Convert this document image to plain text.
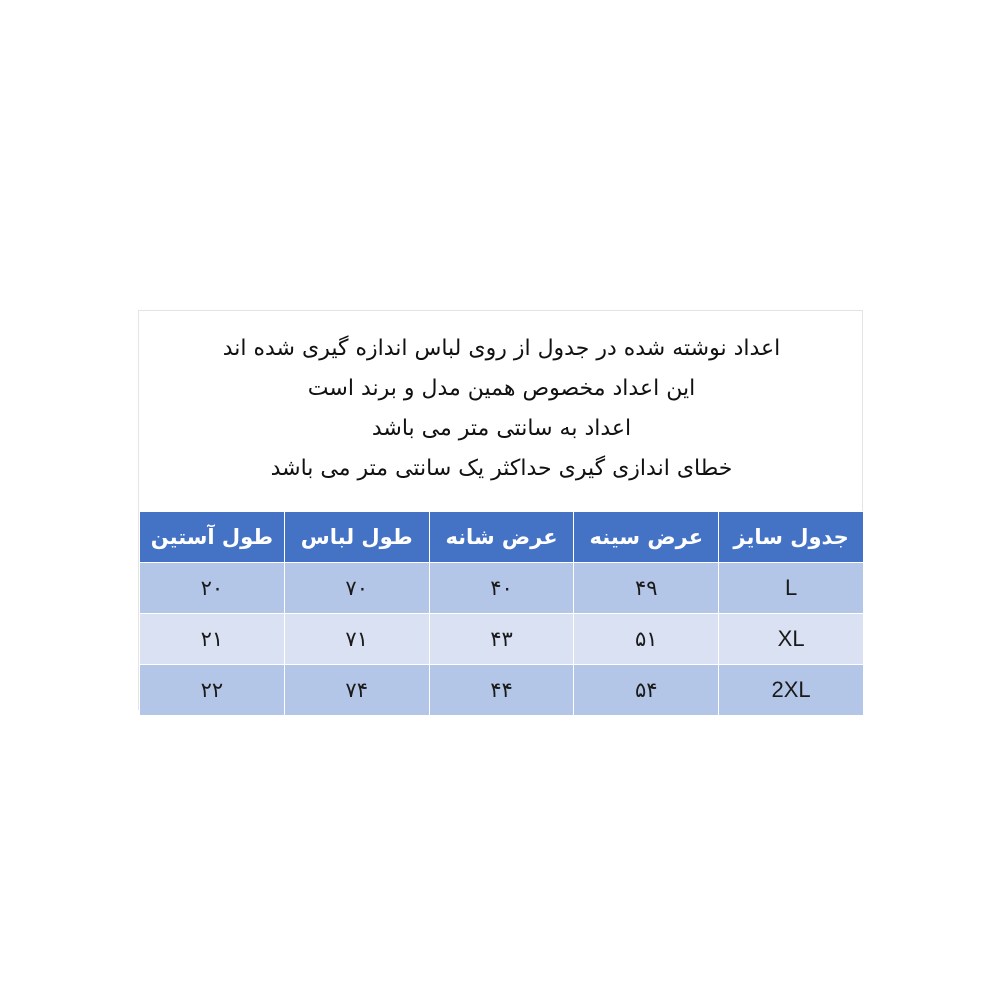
اعداد نوشته شده در جدول از روی لباس اندازه گیری شده اند
این اعداد مخصوص همین مدل و برند است
اعداد به سانتی متر می باشد
خطای اندازی گیری حداکثر یک سانتی متر می باشد
جدول سایز	عرض سینه	عرض شانه	طول لباس	طول آستین
L	۴۹	۴۰	۷۰	۲۰
XL	۵۱	۴۳	۷۱	۲۱
2XL	۵۴	۴۴	۷۴	۲۲
